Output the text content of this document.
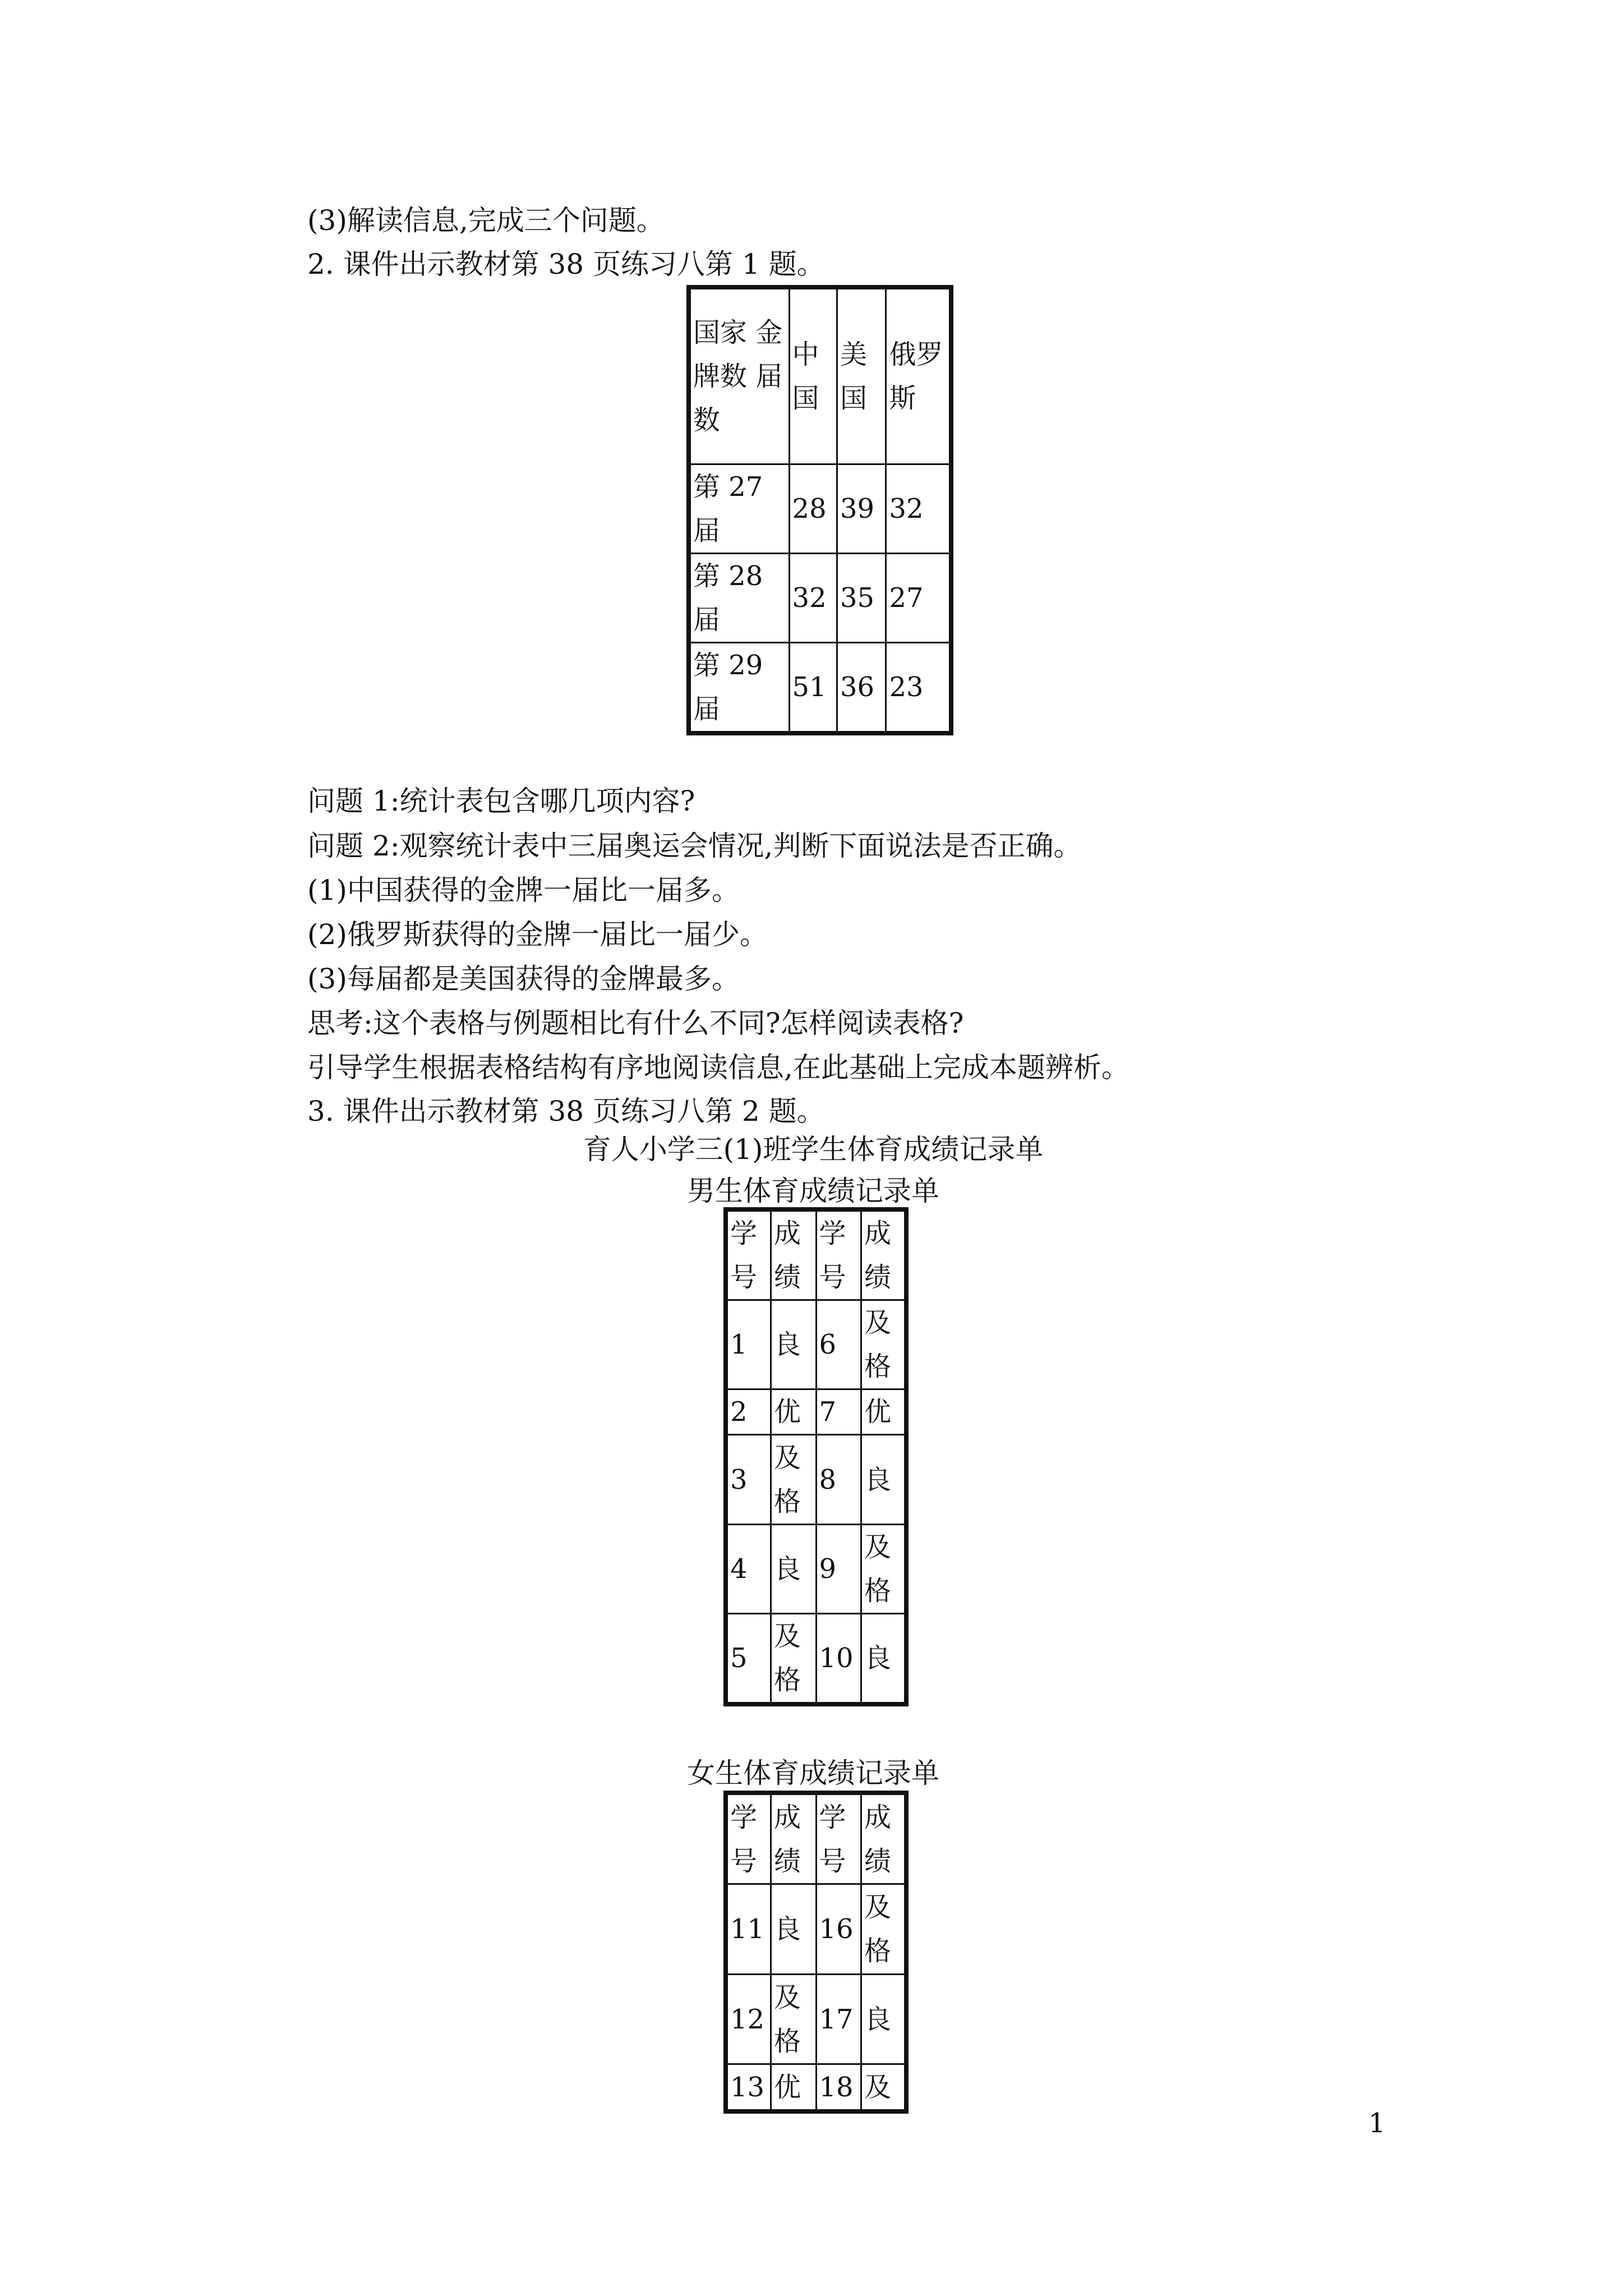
(3)解读信息,完成三个问题。
2. 课件出示教材第 38 页练习八第 1 题。
国家 金牌数 届数	中国	美国	俄罗斯
第 27 届	28	39	32
第 28 届	32	35	27
第 29 届	51	36	23
问题 1:统计表包含哪几项内容?
问题 2:观察统计表中三届奥运会情况,判断下面说法是否正确。
(1)中国获得的金牌一届比一届多。
(2)俄罗斯获得的金牌一届比一届少。
(3)每届都是美国获得的金牌最多。
思考:这个表格与例题相比有什么不同?怎样阅读表格?
引导学生根据表格结构有序地阅读信息,在此基础上完成本题辨析。
3. 课件出示教材第 38 页练习八第 2 题。
育人小学三(1)班学生体育成绩记录单
男生体育成绩记录单
学号	成绩	学号	成绩
1	良	6	及格
2	优	7	优
3	及格	8	良
4	良	9	及格
5	及格	10	良
女生体育成绩记录单
学号	成绩	学号	成绩
11	良	16	及格
12	及格	17	良
13	优	18	及
1
